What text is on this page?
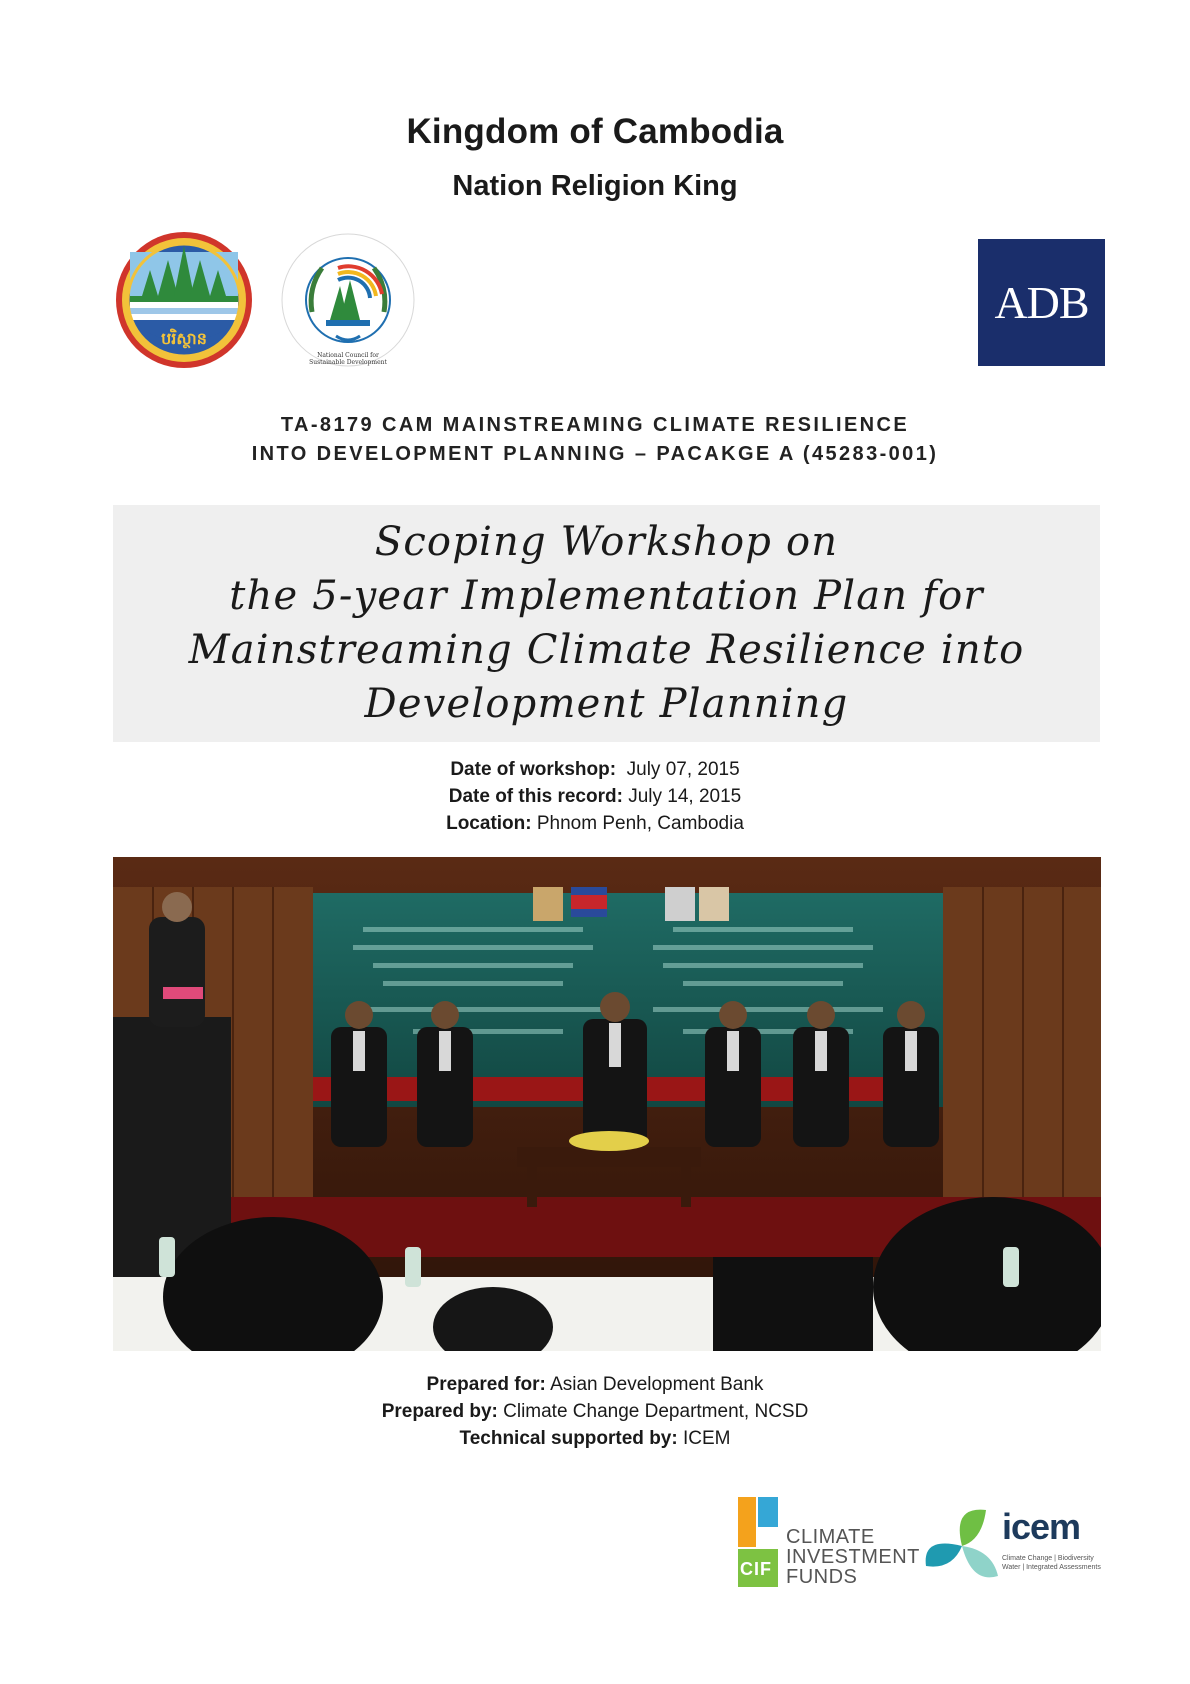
Kingdom of Cambodia
Nation Religion King
បរិស្ថាន
National Council for Sustainable Development
ADB
TA-8179 CAM MAINSTREAMING CLIMATE RESILIENCE
INTO DEVELOPMENT PLANNING – PACAKGE A (45283-001)
Scoping Workshop on
the 5-year Implementation Plan for
Mainstreaming Climate Resilience into
Development Planning
Date of workshop: July 07, 2015
Date of this record: July 14, 2015
Location: Phnom Penh, Cambodia
Prepared for: Asian Development Bank
Prepared by: Climate Change Department, NCSD
Technical supported by: ICEM
CIF
CLIMATE
INVESTMENT
FUNDS
icem
Climate Change | Biodiversity
Water | Integrated Assessments
